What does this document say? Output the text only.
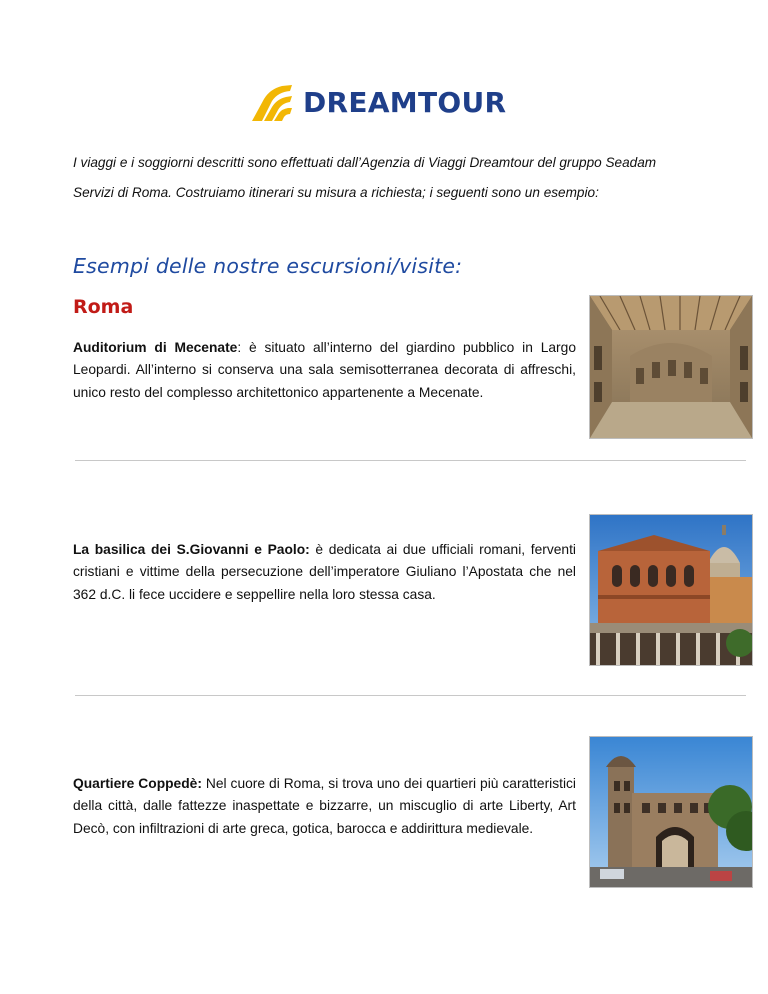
DREAMTOUR
I viaggi e i soggiorni descritti sono effettuati dall’Agenzia di Viaggi Dreamtour del gruppo Seadam Servizi di Roma. Costruiamo itinerari su misura a richiesta; i seguenti sono un esempio:
Esempi delle nostre escursioni/visite:
Roma
Auditorium di Mecenate: è situato all’interno del giardino pubblico in Largo Leopardi. All’interno si conserva una sala semisotterranea decorata di affreschi, unico resto del complesso architettonico appartenente a Mecenate.
La basilica dei S.Giovanni e Paolo: è dedicata ai due ufficiali romani, ferventi cristiani e vittime della persecuzione dell’imperatore Giuliano l’Apostata che nel 362 d.C. li fece uccidere e seppellire nella loro stessa casa.
Quartiere Coppedè: Nel cuore di Roma, si trova uno dei quartieri più caratteristici della città, dalle fattezze inaspettate e bizzarre, un miscuglio di arte Liberty, Art Decò, con infiltrazioni di arte greca, gotica, barocca e addirittura medievale.
